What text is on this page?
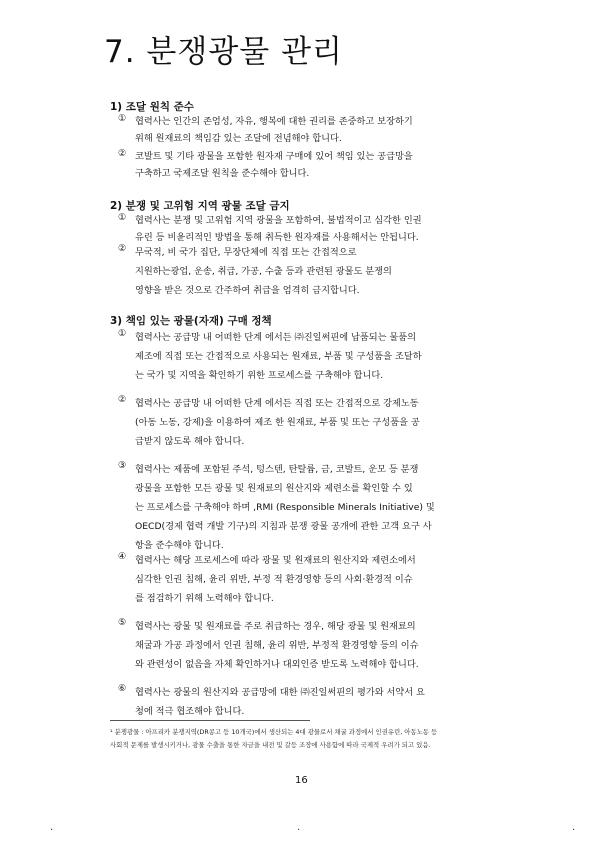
7. 분쟁광물 관리
1) 조달 원칙 준수
① 협력사는 인간의 존엄성, 자유, 행복에 대한 권리를 존중하고 보장하기
위해 원재료의 책임감 있는 조달에 전념해야 합니다.
② 코발트 및 기타 광물을 포함한 원자재 구매에 있어 책임 있는 공급망을
구축하고 국제조달 원칙을 준수해야 합니다.
2) 분쟁 및 고위험 지역 광물 조달 금지
① 협력사는 분쟁 및 고위험 지역 광물을 포함하여, 불법적이고 심각한 인권
유린 등 비윤리적인 방법을 통해 취득한 원자재를 사용해서는 안됩니다.
② 무국적, 비 국가 집단, 무장단체에 직접 또는 간접적으로
지원하는광업, 운송, 취급, 가공, 수출 등과 관련된 광물도 분쟁의
영향을 받은 것으로 간주하여 취급을 엄격히 금지합니다.
3) 책임 있는 광물(자재) 구매 정책
① 협력사는 공급망 내 어떠한 단계 에서든 ㈜진일써핀에 납품되는 물품의
제조에 직접 또는 간접적으로 사용되는 원재료, 부품 및 구성품을 조달하
는 국가 및 지역을 확인하기 위한 프로세스를 구축해야 합니다.
② 협력사는 공급망 내 어떠한 단계 에서든 직접 또는 간접적으로 강제노동
(아동 노동, 강제)을 이용하여 제조 한 원재료, 부품 및 또는 구성품을 공
급받지 않도록 해야 합니다.
③ 협력사는 제품에 포함된 주석, 텅스텐, 탄탈륨, 금, 코발트, 운모 등 분쟁
광물을 포함한 모든 광물 및 원재료의 원산지와 제련소를 확인할 수 있
는 프로세스를 구축해야 하며 ,RMI (Responsible Minerals Initiative) 및
OECD(경제 협력 개발 기구)의 지침과 분쟁 광물 공개에 관한 고객 요구 사
항을 준수해야 합니다.
④ 협력사는 해당 프로세스에 따라 광물 및 원재료의 원산지와 제련소에서
심각한 인권 침해, 윤리 위반, 부정 적 환경영향 등의 사회·환경적 이슈
를 점검하기 위해 노력해야 합니다.
⑤ 협력사는 광물 및 원재료를 주로 취급하는 경우, 해당 광물 및 원재료의
채굴과 가공 과정에서 인권 침해, 윤리 위반, 부정적 환경영향 등의 이슈
와 관련성이 없음을 자체 확인하거나 대외인증 받도록 노력해야 합니다.
⑥ 협력사는 광물의 원산지와 공급망에 대한 ㈜진일써핀의 평가와 서약서 요
청에 적극 협조해야 합니다.
¹ 분쟁광물 : 아프리카 분쟁지역(DR콩고 등 10개국)에서 생산되는 4대 광물로서 채굴 과정에서 인권유린, 아동노동 등
사회적 문제를 발생시키거나, 광물 수출을 통한 자금을 내전 및 갈등 조장에 사용함에 따라 국제적 우려가 되고 있음.
16
.	.	.
